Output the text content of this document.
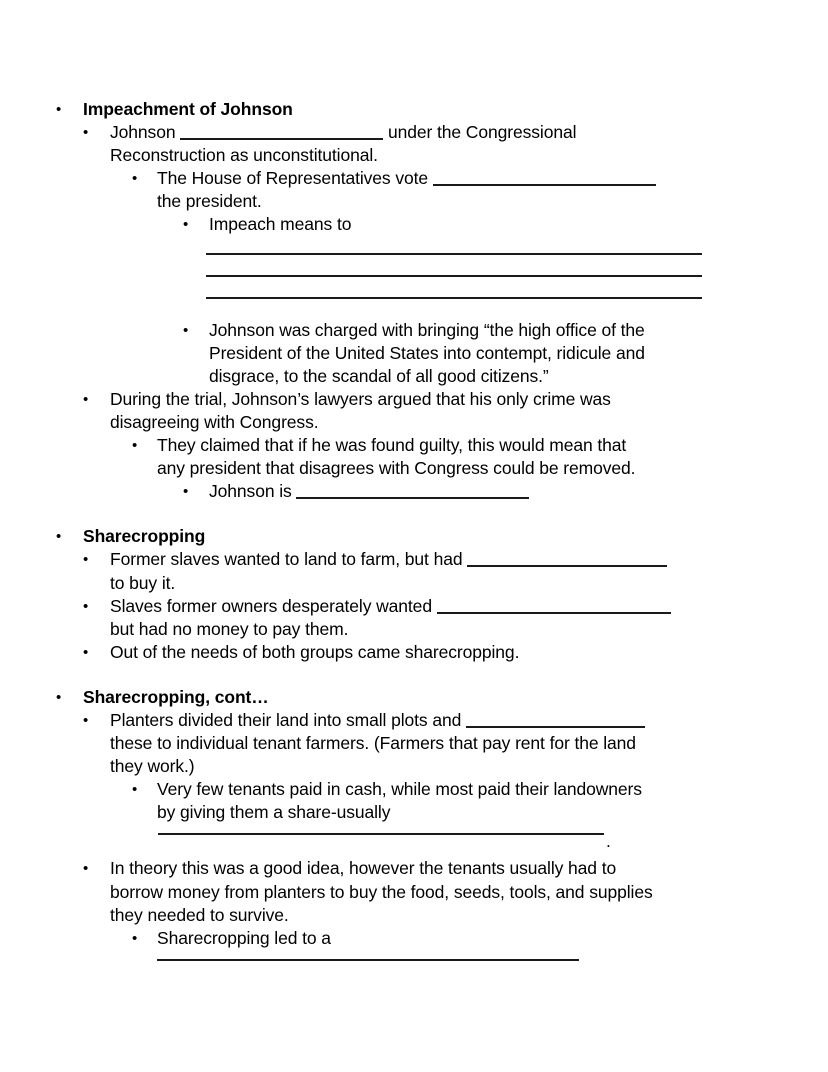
•	Impeachment of Johnson
•	Johnson	under the Congressional
Reconstruction as unconstitutional.
•	The House of Representatives vote
the president.
•	Impeach means to
•	Johnson was charged with bringing “the high office of the
President of the United States into contempt, ridicule and
disgrace, to the scandal of all good citizens.”
•	During the trial, Johnson’s lawyers argued that his only crime was
disagreeing with Congress.
•	They claimed that if he was found guilty, this would mean that
any president that disagrees with Congress could be removed.
•	Johnson is
•	Sharecropping
•	Former slaves wanted to land to farm, but had
to buy it.
•	Slaves former owners desperately wanted
but had no money to pay them.
•	Out of the needs of both groups came sharecropping.
•	Sharecropping, cont…
•	Planters divided their land into small plots and
these to individual tenant farmers. (Farmers that pay rent for the land
they work.)
•	Very few tenants paid in cash, while most paid their landowners
by giving them a share-usually
.
•	In theory this was a good idea, however the tenants usually had to
borrow money from planters to buy the food, seeds, tools, and supplies
they needed to survive.
•	Sharecropping led to a
